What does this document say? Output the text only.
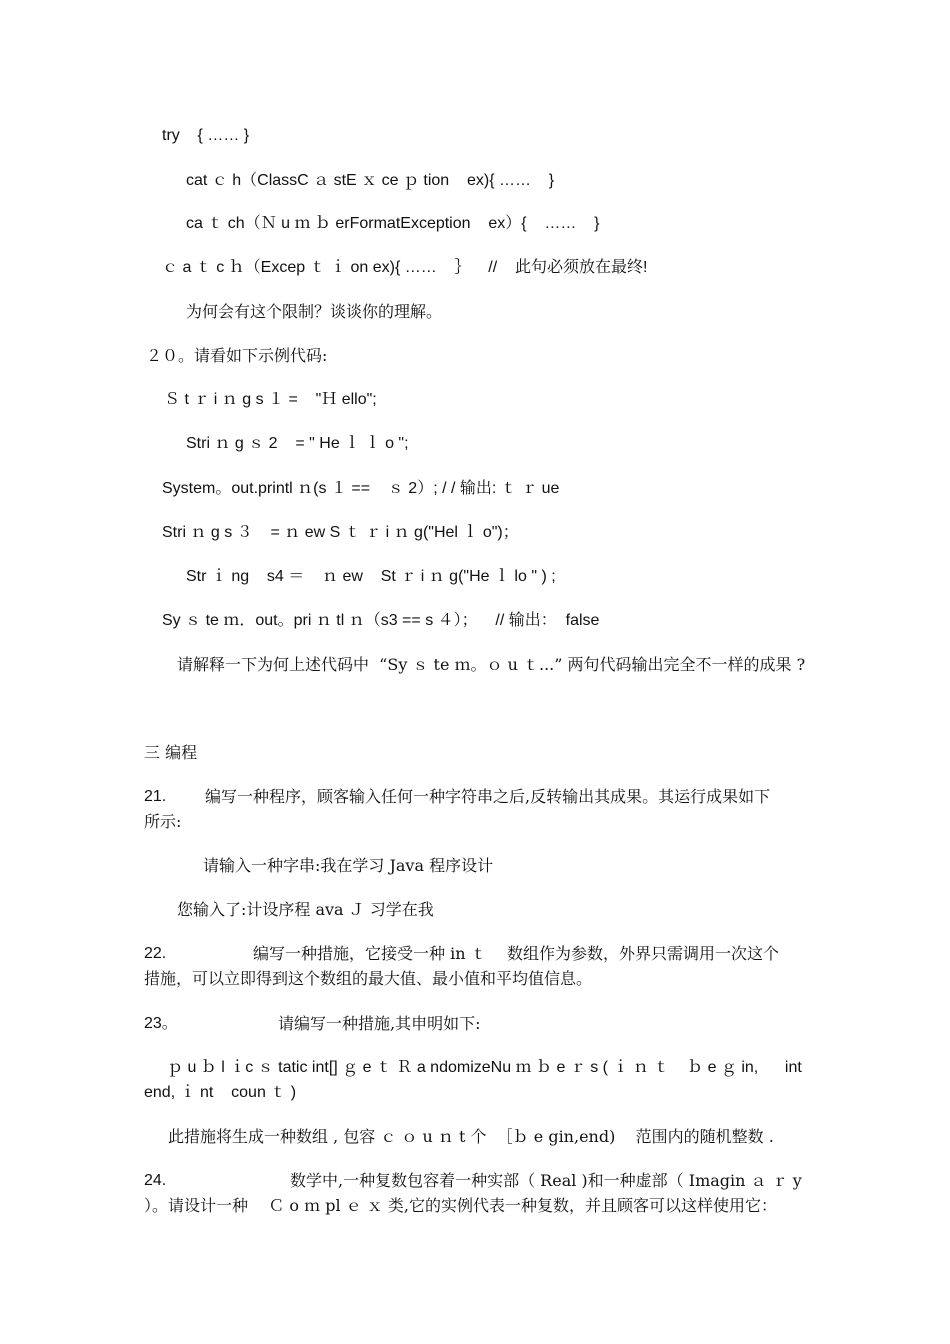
try    { …… }
cat ｃ h（ClassC ａ stE ｘ ce ｐ tion    ex){ ……    }
ca ｔ ch（Ｎ u ｍ ｂ erFormatException    ex）{    ……    }
ｃ a ｔ c ｈ（Excep ｔ ｉ on ex){ ……    ｝    //    此句必须放在最终!
为何会有这个限制？谈谈你的理解。
２０。请看如下示例代码:
Ｓ t ｒ i ｎ g s １ =    "Ｈ ello";
Stri ｎ g ｓ 2    = " He ｌ ｌ o ";
System。out.printl ｎ(s １ ==    ｓ 2）; / / 输出: ｔ ｒ ue
Stri ｎ g s ３    = ｎ ew S ｔ ｒ i ｎ g("Hel ｌ o")；
Str ｉ ng    s4 ＝    ｎ ew    St ｒ i ｎ g("He ｌ lo " ) ;
Sy ｓ te ｍ．out。pri ｎ tl ｎ（s3 == s ４）；    // 输出：  false
请解释一下为何上述代码中  “Sy ｓ te ｍ。ｏ u ｔ...” 两句代码输出完全不一样的成果 ?
三 编程
21. 编写一种程序，顾客输入任何一种字符串之后,反转输出其成果。其运行成果如下
所示:
请输入一种字串:我在学习 Java 程序设计
您输入了:计设序程 ava Ｊ 习学在我
22.	编写一种措施，它接受一种 in ｔ    数组作为参数，外界只需调用一次这个
措施，可以立即得到这个数组的最大值、最小值和平均值信息。
23。	请编写一种措施,其申明如下:
ｐ u ｂ l ｉc ｓ tatic int[] ｇ e ｔ Ｒ a ndomizeNu ｍ ｂ e ｒ s ( ｉ ｎ ｔ    ｂ e ｇ in,      int
end, ｉ nt    coun ｔ )
此措施将生成一种数组 , 包容 ｃ ｏ u ｎ t 个  ［ｂ e gin,end)    范围内的随机整数 .
24.	数学中,一种复数包容着一种实部（ Real )和一种虚部（ Imagin ａ ｒ y
）。请设计一种    Ｃ o ｍ pl ｅ ｘ 类,它的实例代表一种复数，并且顾客可以这样使用它：
